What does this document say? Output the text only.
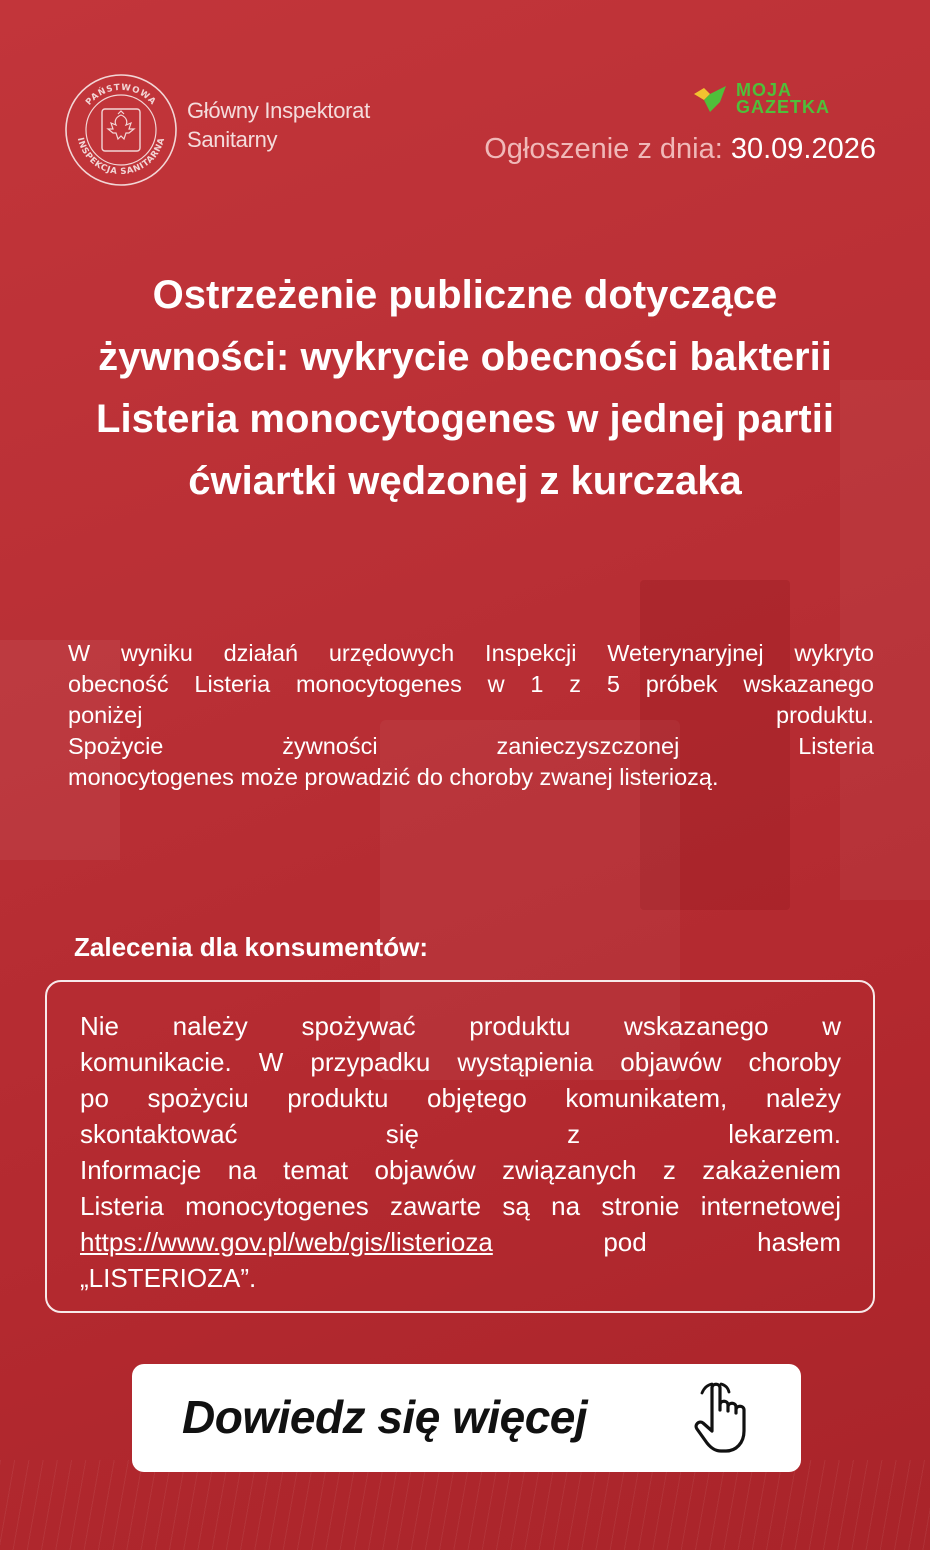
PAŃSTWOWA
INSPEKCJA SANITARNA
Główny Inspektorat
Sanitarny
MOJA
GAZETKA
Ogłoszenie z dnia: 30.09.2026
Ostrzeżenie publiczne dotyczące żywności: wykrycie obecności bakterii Listeria monocytogenes w jednej partii ćwiartki wędzonej z kurczaka

W wyniku działań urzędowych Inspekcji Weterynaryjnej wykryto
obecność Listeria monocytogenes w 1 z 5 próbek wskazanego
poniżej produktu.
Spożycie żywności zanieczyszczonej Listeria
monocytogenes może prowadzić do choroby zwanej listeriozą.

Zalecenia dla konsumentów:

Nie należy spożywać produktu wskazanego w
komunikacie. W przypadku wystąpienia objawów choroby
po spożyciu produktu objętego komunikatem, należy
skontaktować się z lekarzem.
Informacje na temat objawów związanych z zakażeniem
Listeria monocytogenes zawarte są na stronie internetowej
https://www.gov.pl/web/gis/listerioza	pod hasłem
„LISTERIOZA”.

Dowiedz się więcej
